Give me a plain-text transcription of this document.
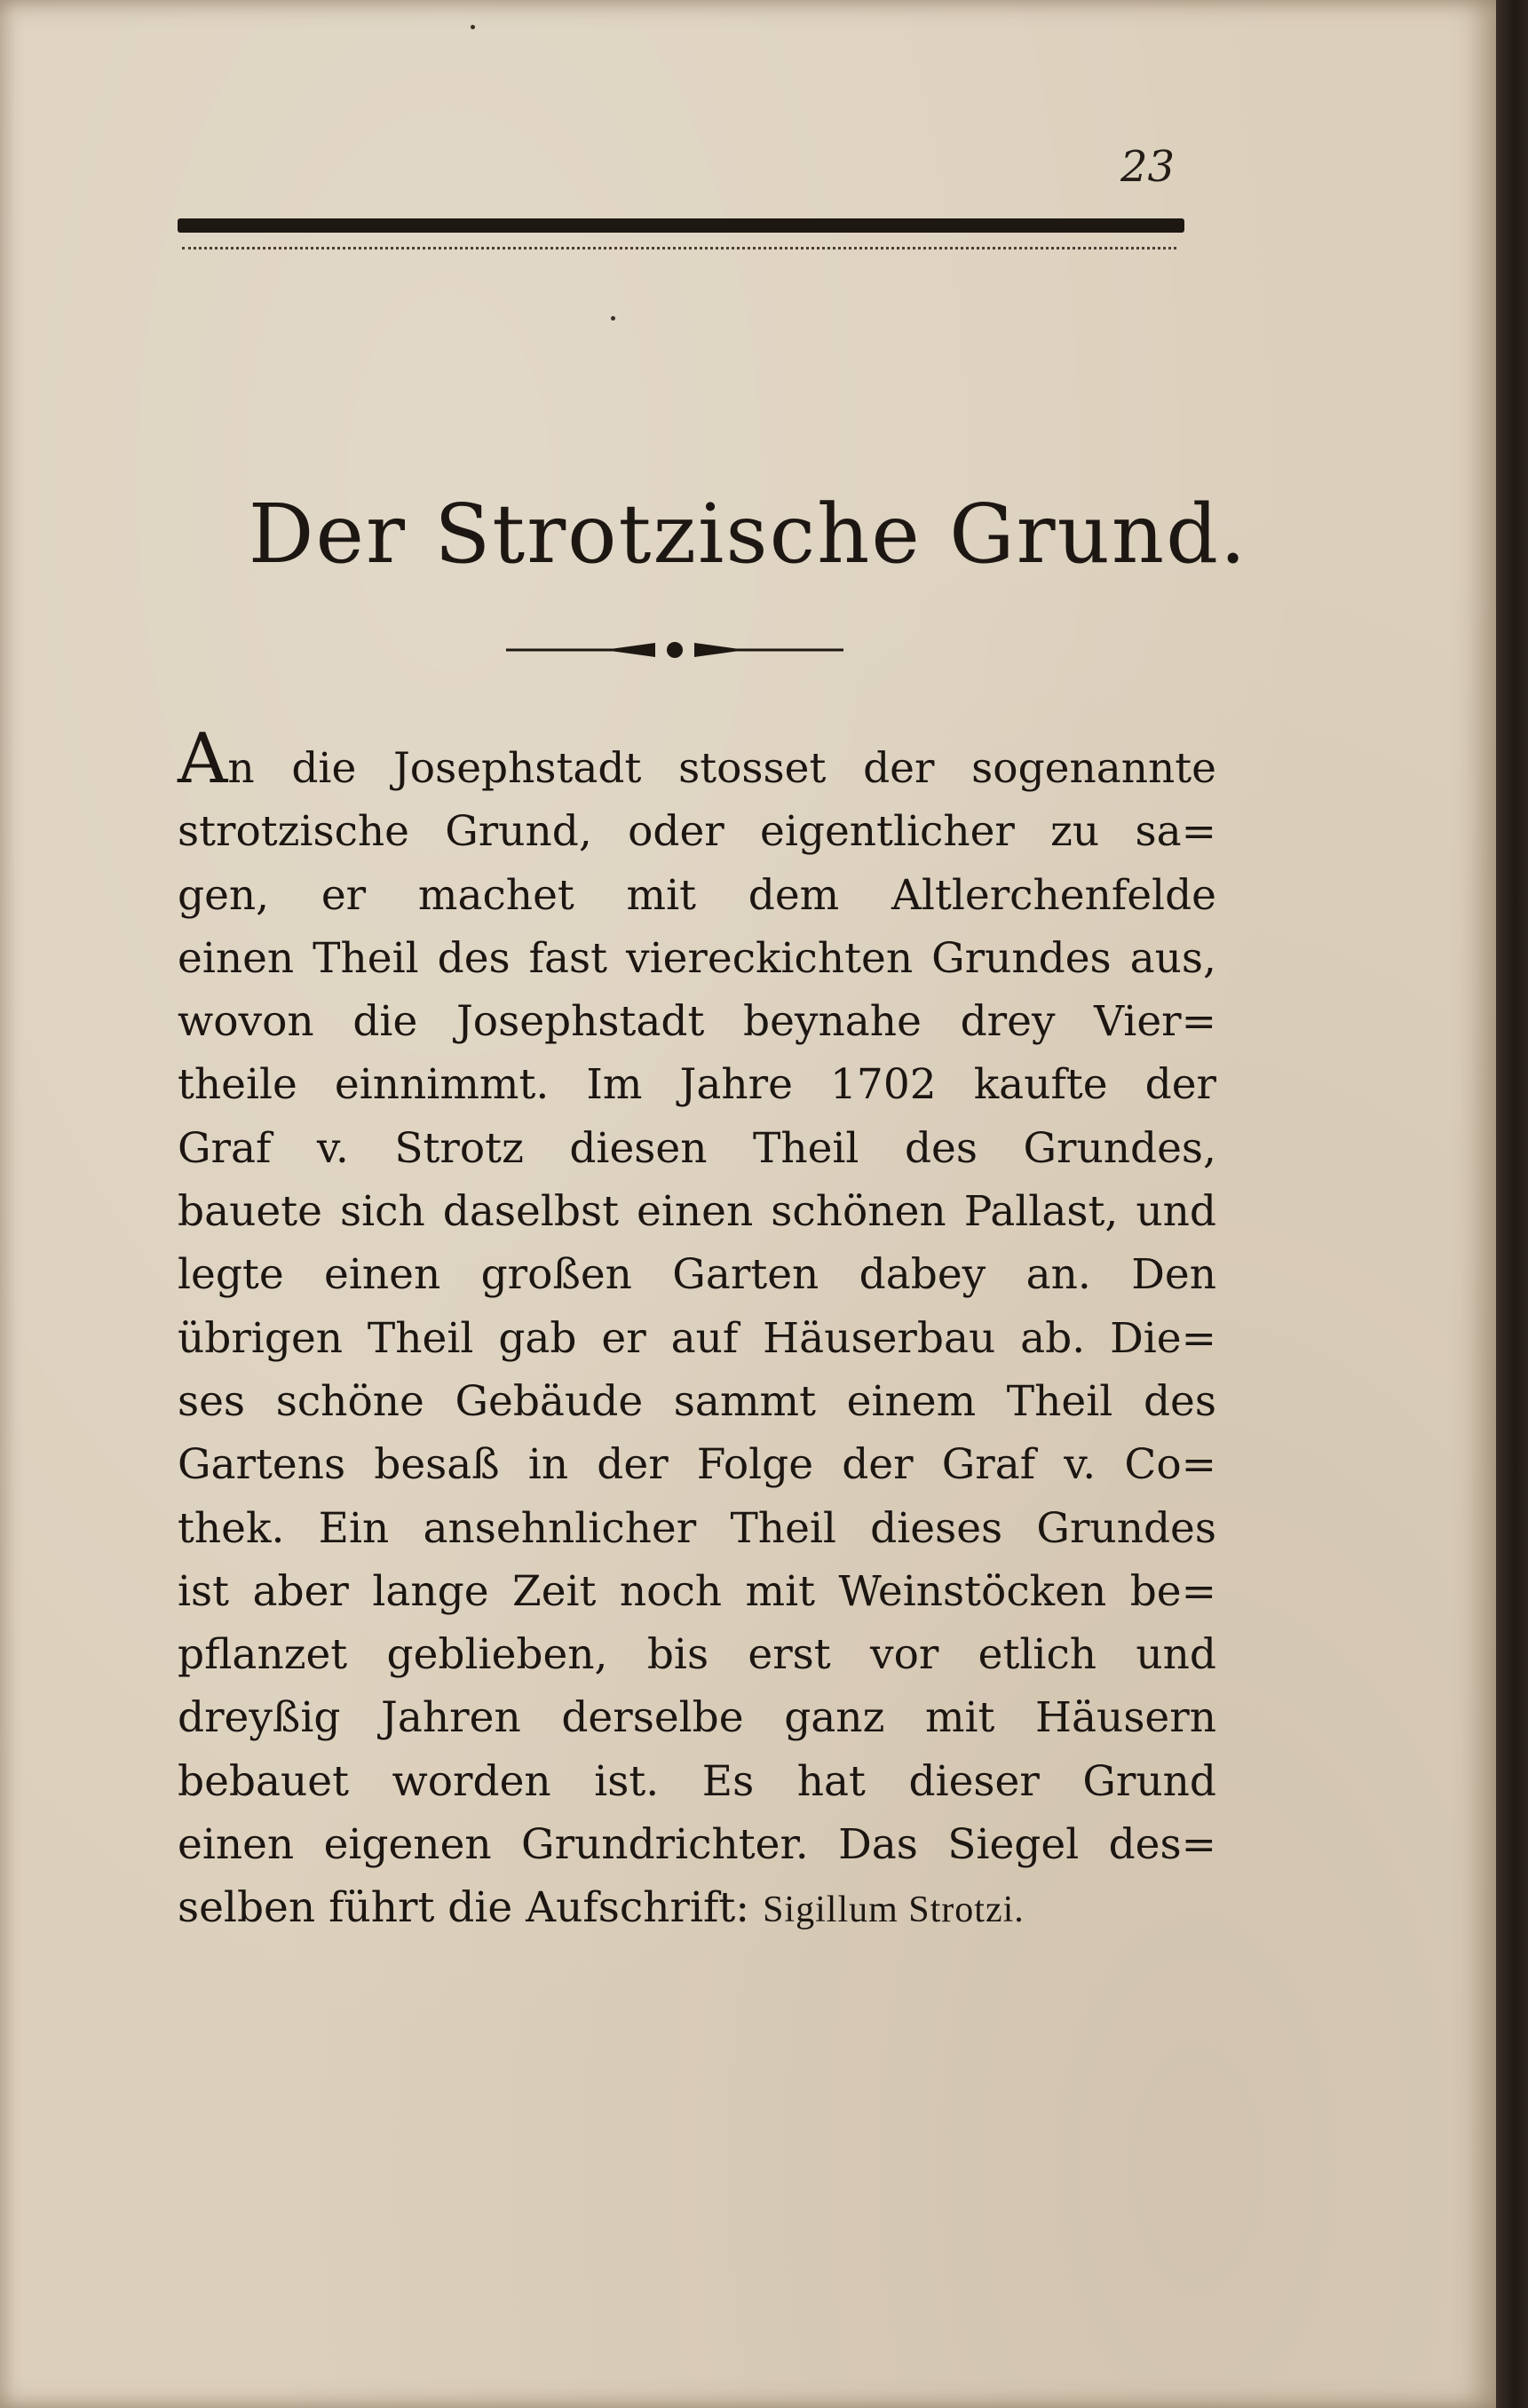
23
Der Strotzische Grund.
An die Josephstadt stosset der sogenannte
strotzische Grund, oder eigentlicher zu sa=
gen, er machet mit dem Altlerchenfelde
einen Theil des fast viereckichten Grundes aus,
wovon die Josephstadt beynahe drey Vier=
theile einnimmt. Im Jahre 1702 kaufte der
Graf v. Strotz diesen Theil des Grundes,
bauete sich daselbst einen schönen Pallast, und
legte einen großen Garten dabey an. Den
übrigen Theil gab er auf Häuserbau ab. Die=
ses schöne Gebäude sammt einem Theil des
Gartens besaß in der Folge der Graf v. Co=
thek. Ein ansehnlicher Theil dieses Grundes
ist aber lange Zeit noch mit Weinstöcken be=
pflanzet geblieben, bis erst vor etlich und
dreyßig Jahren derselbe ganz mit Häusern
bebauet worden ist. Es hat dieser Grund
einen eigenen Grundrichter. Das Siegel des=
selben führt die Aufschrift: Sigillum Strotzi.
